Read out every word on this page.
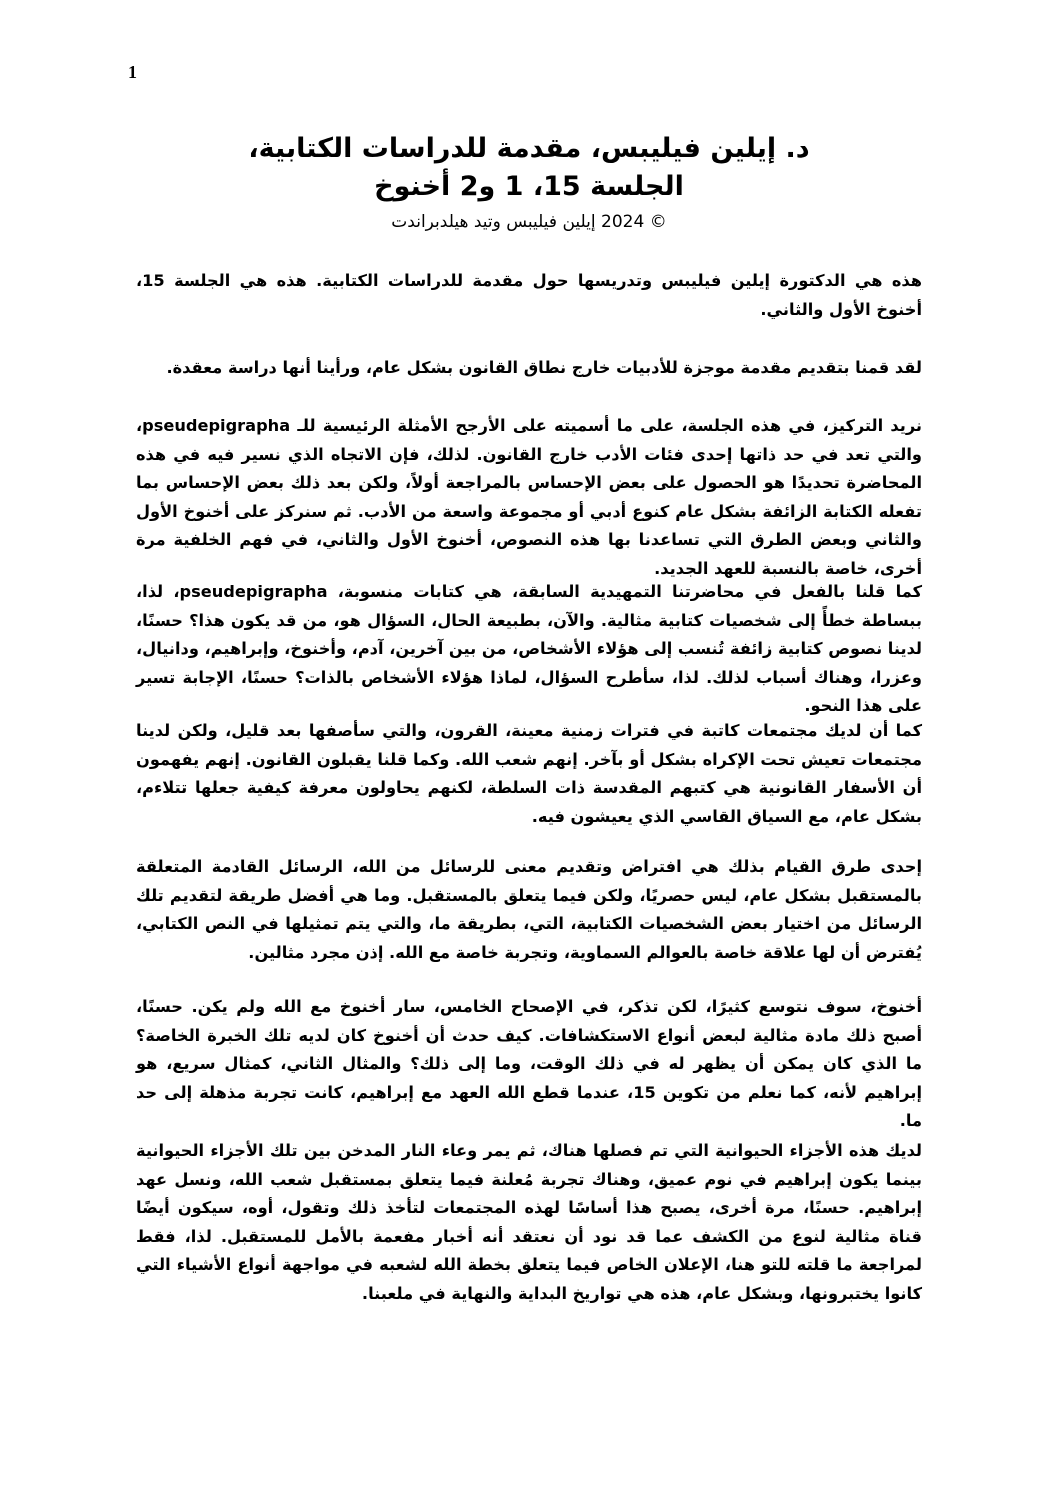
1
د. إيلين فيليبس، مقدمة للدراسات الكتابية،
الجلسة 15، 1 و2 أخنوخ
© 2024 إيلين فيليبس وتيد هيلدبراندت

هذه هي الدكتورة إيلين فيليبس وتدريسها حول مقدمة للدراسات الكتابية. هذه هي الجلسة 15، أخنوخ الأول والثاني.

لقد قمنا بتقديم مقدمة موجزة للأدبيات خارج نطاق القانون بشكل عام، ورأينا أنها دراسة معقدة.

نريد التركيز، في هذه الجلسة، على ما أسميته على الأرجح الأمثلة الرئيسية للـ pseudepigrapha، والتي تعد في حد ذاتها إحدى فئات الأدب خارج القانون. لذلك، فإن الاتجاه الذي نسير فيه في هذه المحاضرة تحديدًا هو الحصول على بعض الإحساس بالمراجعة أولاً، ولكن بعد ذلك بعض الإحساس بما تفعله الكتابة الزائفة بشكل عام كنوع أدبي أو مجموعة واسعة من الأدب. ثم سنركز على أخنوخ الأول والثاني وبعض الطرق التي تساعدنا بها هذه النصوص، أخنوخ الأول والثاني، في فهم الخلفية مرة أخرى، خاصة بالنسبة للعهد الجديد.

كما قلنا بالفعل في محاضرتنا التمهيدية السابقة، هي كتابات منسوبة، pseudepigrapha، لذا، ببساطة خطأً إلى شخصيات كتابية مثالية. والآن، بطبيعة الحال، السؤال هو، من قد يكون هذا؟ حسنًا، لدينا نصوص كتابية زائفة تُنسب إلى هؤلاء الأشخاص، من بين آخرين، آدم، وأخنوخ، وإبراهيم، ودانيال، وعزرا، وهناك أسباب لذلك. لذا، سأطرح السؤال، لماذا هؤلاء الأشخاص بالذات؟ حسنًا، الإجابة تسير على هذا النحو.

كما أن لديك مجتمعات كاتبة في فترات زمنية معينة، القرون، والتي سأصفها بعد قليل، ولكن لدينا مجتمعات تعيش تحت الإكراه بشكل أو بآخر. إنهم شعب الله. وكما قلنا يقبلون القانون. إنهم يفهمون أن الأسفار القانونية هي كتبهم المقدسة ذات السلطة، لكنهم يحاولون معرفة كيفية جعلها تتلاءم، بشكل عام، مع السياق القاسي الذي يعيشون فيه.

إحدى طرق القيام بذلك هي افتراض وتقديم معنى للرسائل من الله، الرسائل القادمة المتعلقة بالمستقبل بشكل عام، ليس حصريًا، ولكن فيما يتعلق بالمستقبل. وما هي أفضل طريقة لتقديم تلك الرسائل من اختيار بعض الشخصيات الكتابية، التي، بطريقة ما، والتي يتم تمثيلها في النص الكتابي، يُفترض أن لها علاقة خاصة بالعوالم السماوية، وتجربة خاصة مع الله. إذن مجرد مثالين.

أخنوخ، سوف نتوسع كثيرًا، لكن تذكر، في الإصحاح الخامس، سار أخنوخ مع الله ولم يكن. حسنًا، أصبح ذلك مادة مثالية لبعض أنواع الاستكشافات. كيف حدث أن أخنوخ كان لديه تلك الخبرة الخاصة؟ ما الذي كان يمكن أن يظهر له في ذلك الوقت، وما إلى ذلك؟ والمثال الثاني، كمثال سريع، هو إبراهيم لأنه، كما نعلم من تكوين 15، عندما قطع الله العهد مع إبراهيم، كانت تجربة مذهلة إلى حد ما.

لديك هذه الأجزاء الحيوانية التي تم فصلها هناك، ثم يمر وعاء النار المدخن بين تلك الأجزاء الحيوانية بينما يكون إبراهيم في نوم عميق، وهناك تجربة مُعلنة فيما يتعلق بمستقبل شعب الله، ونسل عهد إبراهيم. حسنًا، مرة أخرى، يصبح هذا أساسًا لهذه المجتمعات لتأخذ ذلك وتقول، أوه، سيكون أيضًا قناة مثالية لنوع من الكشف عما قد نود أن نعتقد أنه أخبار مفعمة بالأمل للمستقبل. لذا، فقط لمراجعة ما قلته للتو هنا، الإعلان الخاص فيما يتعلق بخطة الله لشعبه في مواجهة أنواع الأشياء التي كانوا يختبرونها، وبشكل عام، هذه هي تواريخ البداية والنهاية في ملعبنا.
